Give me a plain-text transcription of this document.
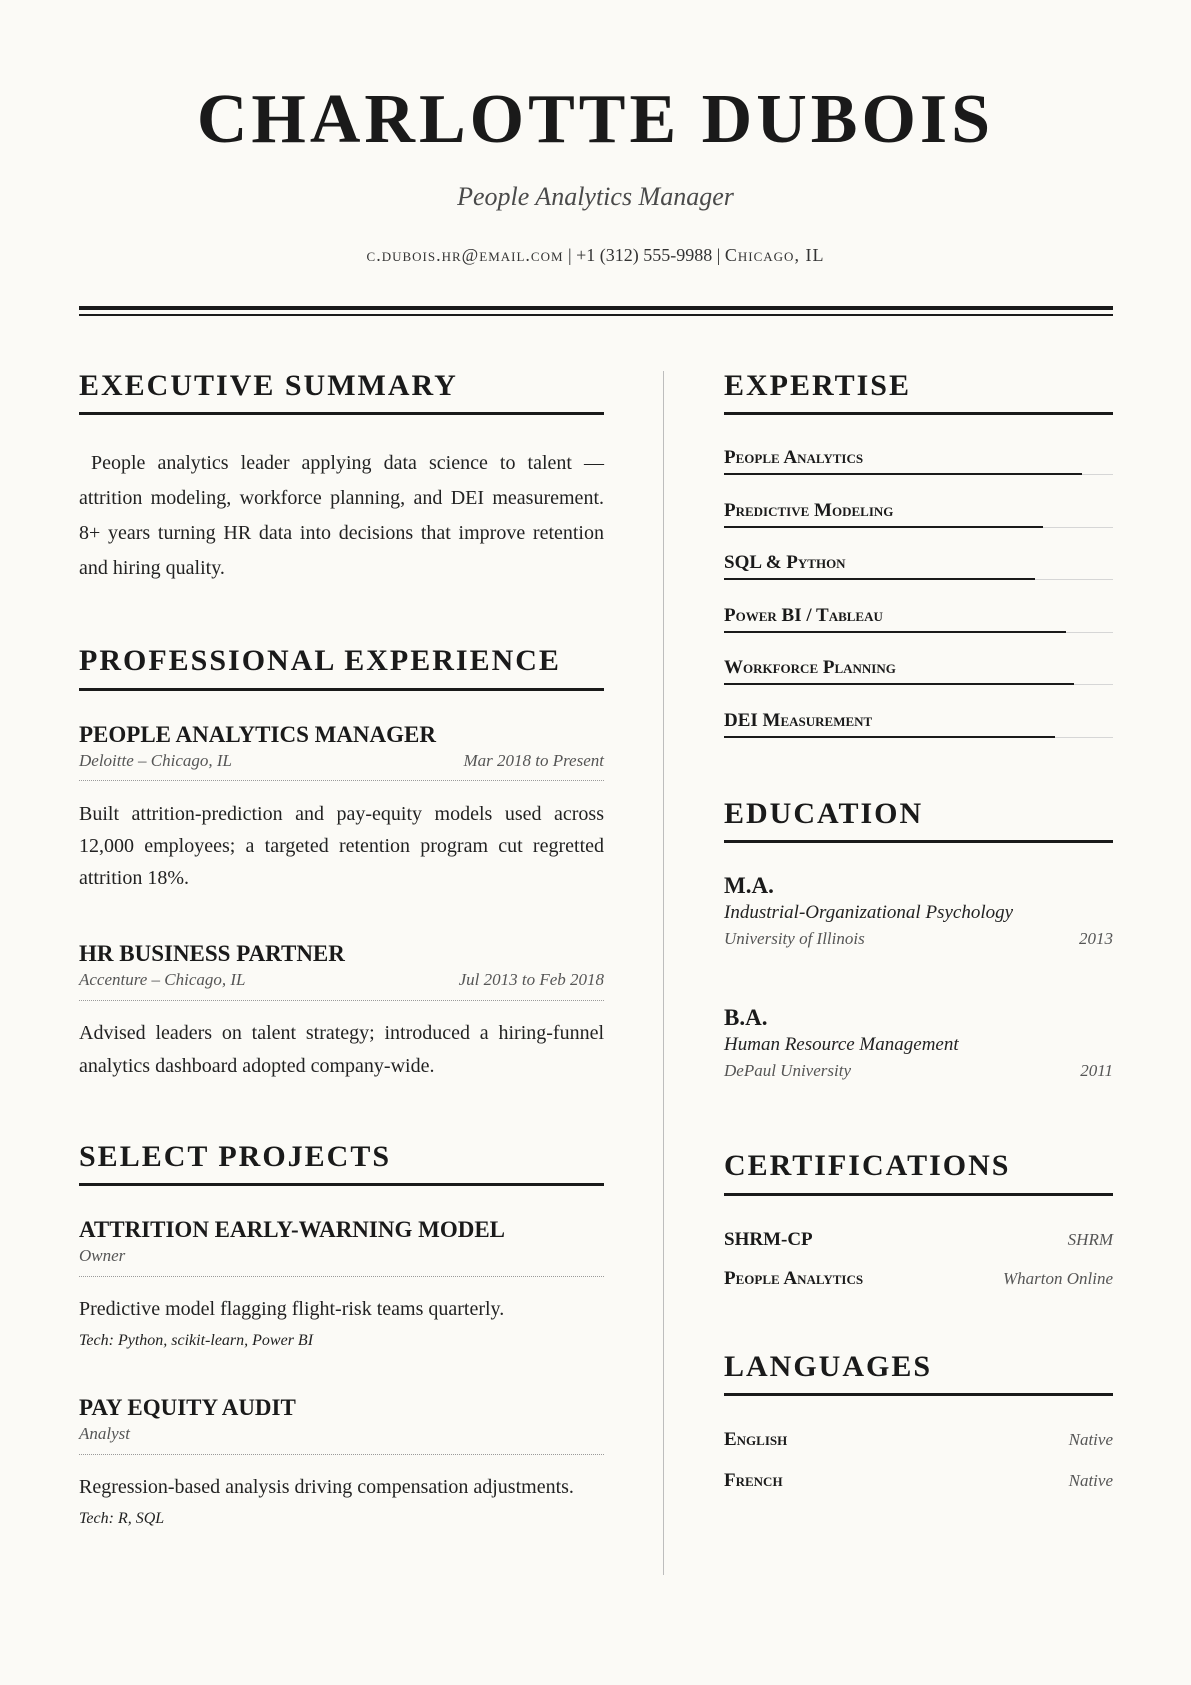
CHARLOTTE DUBOIS
People Analytics Manager
c.dubois.hr@email.com | +1 (312) 555-9988 | Chicago, IL
EXECUTIVE SUMMARY
People analytics leader applying data science to talent — attrition modeling, workforce planning, and DEI measurement. 8+ years turning HR data into decisions that improve retention and hiring quality.
PROFESSIONAL EXPERIENCE
PEOPLE ANALYTICS MANAGER
Deloitte – Chicago, IL	Mar 2018 to Present
Built attrition-prediction and pay-equity models used across 12,000 employees; a targeted retention program cut regretted attrition 18%.
HR BUSINESS PARTNER
Accenture – Chicago, IL	Jul 2013 to Feb 2018
Advised leaders on talent strategy; introduced a hiring-funnel analytics dashboard adopted company-wide.
SELECT PROJECTS
ATTRITION EARLY-WARNING MODEL
Owner
Predictive model flagging flight-risk teams quarterly.
Tech: Python, scikit-learn, Power BI
PAY EQUITY AUDIT
Analyst
Regression-based analysis driving compensation adjustments.
Tech: R, SQL
EXPERTISE
People Analytics
Predictive Modeling
SQL & Python
Power BI / Tableau
Workforce Planning
DEI Measurement
EDUCATION
M.A.
Industrial-Organizational Psychology
University of Illinois	2013
B.A.
Human Resource Management
DePaul University	2011
CERTIFICATIONS
SHRM-CP	SHRM
People Analytics	Wharton Online
LANGUAGES
English	Native
French	Native
